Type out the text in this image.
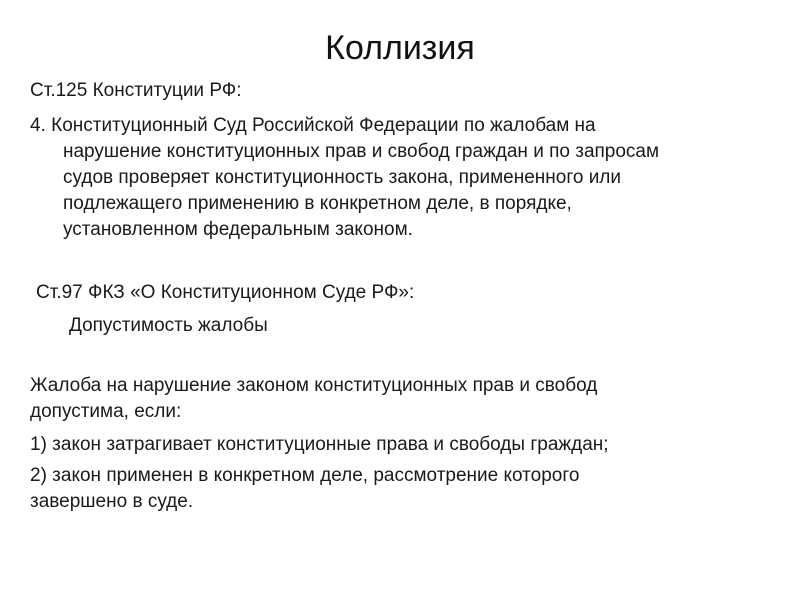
Коллизия
Ст.125 Конституции РФ:
4. Конституционный Суд Российской Федерации по жалобам на
нарушение конституционных прав и свобод граждан и по запросам
судов проверяет конституционность закона, примененного или
подлежащего применению в конкретном деле, в порядке,
установленном федеральным законом.
Ст.97 ФКЗ «О Конституционном Суде РФ»:
Допустимость жалобы
Жалоба на нарушение законом конституционных прав и свобод
допустима, если:
1) закон затрагивает конституционные права и свободы граждан;
2) закон применен в конкретном деле, рассмотрение которого
завершено в суде.
